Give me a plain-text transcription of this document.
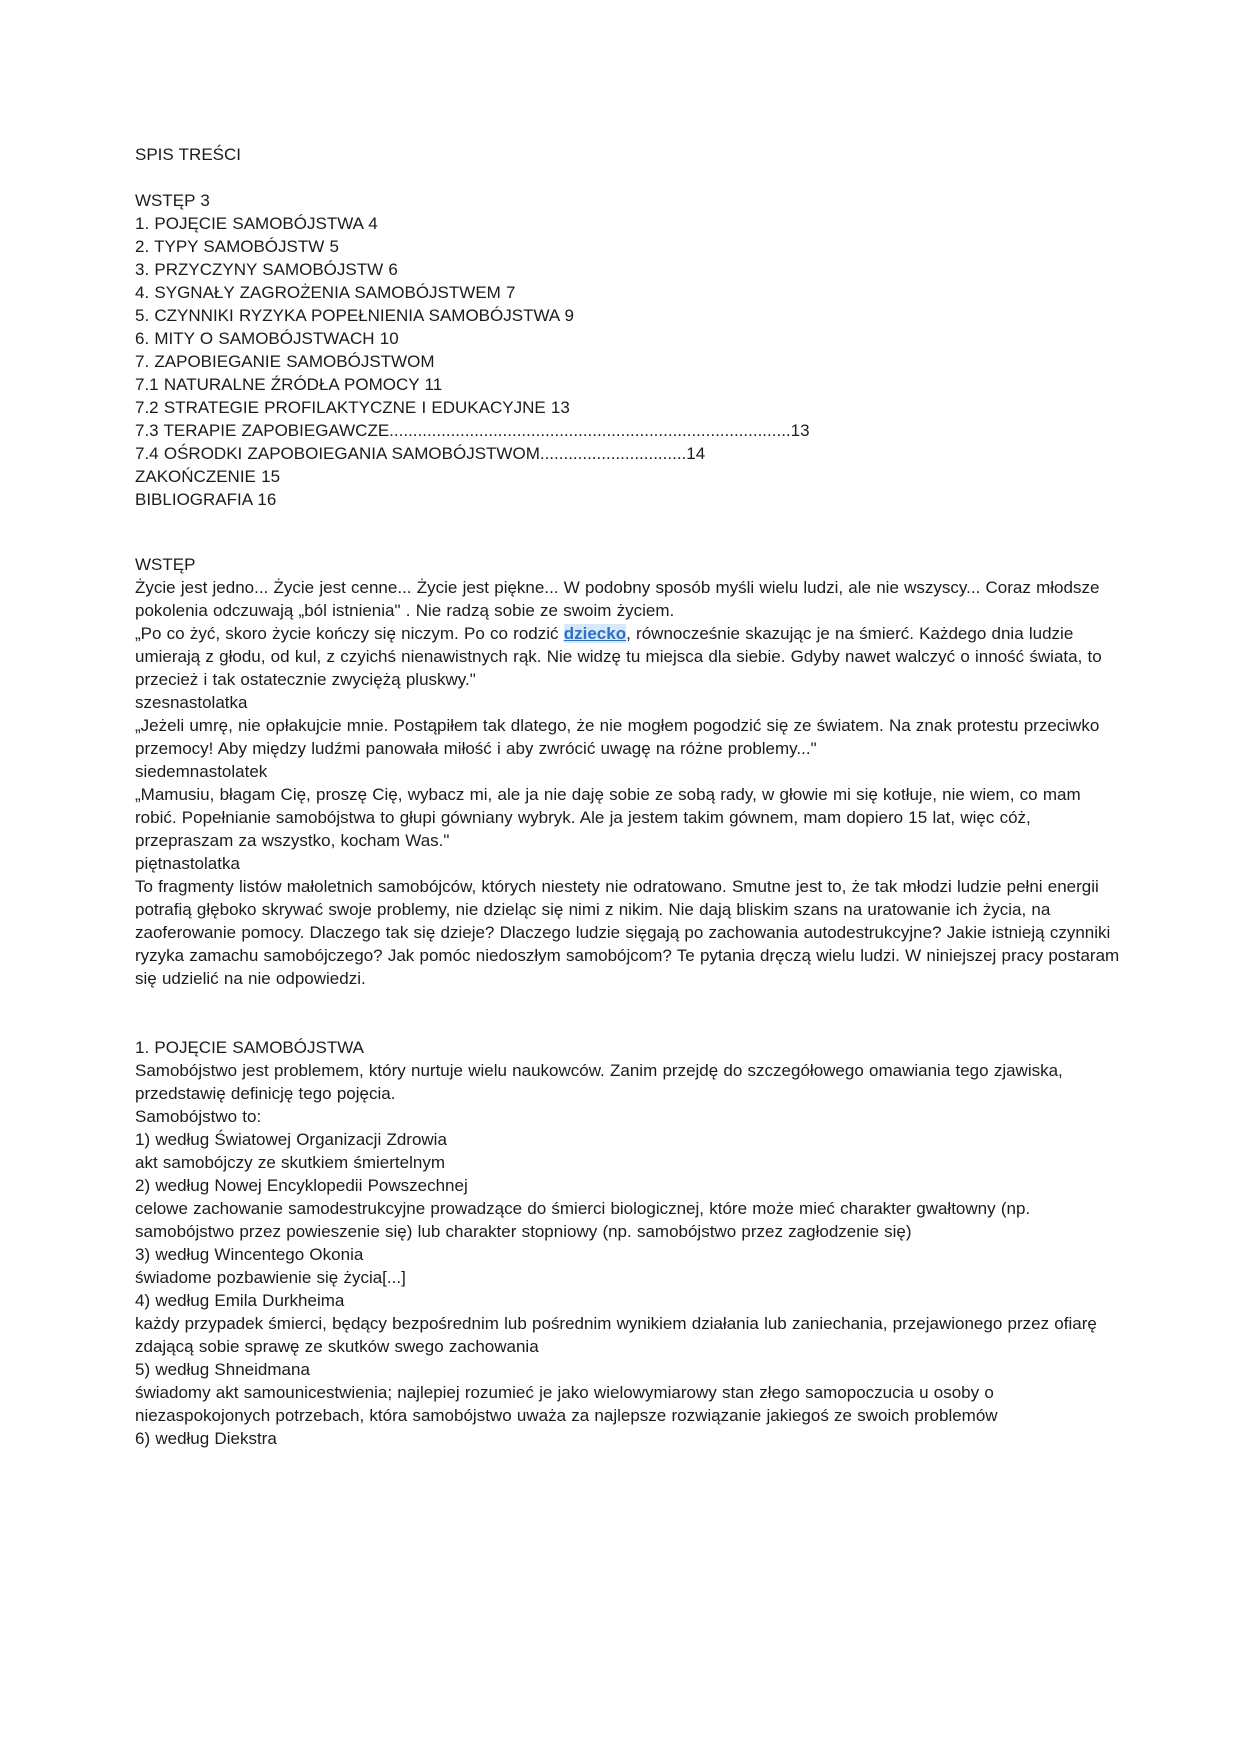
SPIS TREŚCI

WSTĘP 3

1. POJĘCIE SAMOBÓJSTWA 4

2. TYPY SAMOBÓJSTW 5

3. PRZYCZYNY SAMOBÓJSTW 6

4. SYGNAŁY ZAGROŻENIA SAMOBÓJSTWEM 7

5. CZYNNIKI RYZYKA POPEŁNIENIA SAMOBÓJSTWA 9

6. MITY O SAMOBÓJSTWACH 10

7. ZAPOBIEGANIE SAMOBÓJSTWOM

7.1 NATURALNE ŹRÓDŁA POMOCY 11

7.2 STRATEGIE PROFILAKTYCZNE I EDUKACYJNE 13

7.3 TERAPIE ZAPOBIEGAWCZE.....................................................................................13

7.4 OŚRODKI ZAPOBOIEGANIA SAMOBÓJSTWOM...............................14

ZAKOŃCZENIE 15

BIBLIOGRAFIA 16

WSTĘP

Życie jest jedno... Życie jest cenne... Życie jest piękne... W podobny sposób myśli wielu ludzi, ale nie wszyscy... Coraz młodsze pokolenia odczuwają „ból istnienia" . Nie radzą sobie ze swoim życiem.

„Po co żyć, skoro życie kończy się niczym. Po co rodzić dziecko, równocześnie skazując je na śmierć. Każdego dnia ludzie umierają z głodu, od kul, z czyichś nienawistnych rąk. Nie widzę tu miejsca dla siebie. Gdyby nawet walczyć o inność świata, to przecież i tak ostatecznie zwyciężą pluskwy."

szesnastolatka

„Jeżeli umrę, nie opłakujcie mnie. Postąpiłem tak dlatego, że nie mogłem pogodzić się ze światem. Na znak protestu przeciwko przemocy! Aby między ludźmi panowała miłość i aby zwrócić uwagę na różne problemy..."

siedemnastolatek

„Mamusiu, błagam Cię, proszę Cię, wybacz mi, ale ja nie daję sobie ze sobą rady, w głowie mi się kotłuje, nie wiem, co mam robić. Popełnianie samobójstwa to głupi gówniany wybryk. Ale ja jestem takim gównem, mam dopiero 15 lat, więc cóż, przepraszam za wszystko, kocham Was."

piętnastolatka

To fragmenty listów małoletnich samobójców, których niestety nie odratowano. Smutne jest to, że tak młodzi ludzie pełni energii potrafią głęboko skrywać swoje problemy, nie dzieląc się nimi z nikim. Nie dają bliskim szans na uratowanie ich życia, na zaoferowanie pomocy. Dlaczego tak się dzieje? Dlaczego ludzie sięgają po zachowania autodestrukcyjne? Jakie istnieją czynniki ryzyka zamachu samobójczego? Jak pomóc niedoszłym samobójcom? Te pytania dręczą wielu ludzi. W niniejszej pracy postaram się udzielić na nie odpowiedzi.

1. POJĘCIE SAMOBÓJSTWA

Samobójstwo jest problemem, który nurtuje wielu naukowców. Zanim przejdę do szczegółowego omawiania tego zjawiska, przedstawię definicję tego pojęcia.

Samobójstwo to:

1) według Światowej Organizacji Zdrowia

akt samobójczy ze skutkiem śmiertelnym

2) według Nowej Encyklopedii Powszechnej

celowe zachowanie samodestrukcyjne prowadzące do śmierci biologicznej, które może mieć charakter gwałtowny (np. samobójstwo przez powieszenie się) lub charakter stopniowy (np. samobójstwo przez zagłodzenie się)

3) według Wincentego Okonia

świadome pozbawienie się życia[...]

4) według Emila Durkheima

każdy przypadek śmierci, będący bezpośrednim lub pośrednim wynikiem działania lub zaniechania, przejawionego przez ofiarę zdającą sobie sprawę ze skutków swego zachowania

5) według Shneidmana

świadomy akt samounicestwienia; najlepiej rozumieć je jako wielowymiarowy stan złego samopoczucia u osoby o niezaspokojonych potrzebach, która samobójstwo uważa za najlepsze rozwiązanie jakiegoś ze swoich problemów

6) według Diekstra
